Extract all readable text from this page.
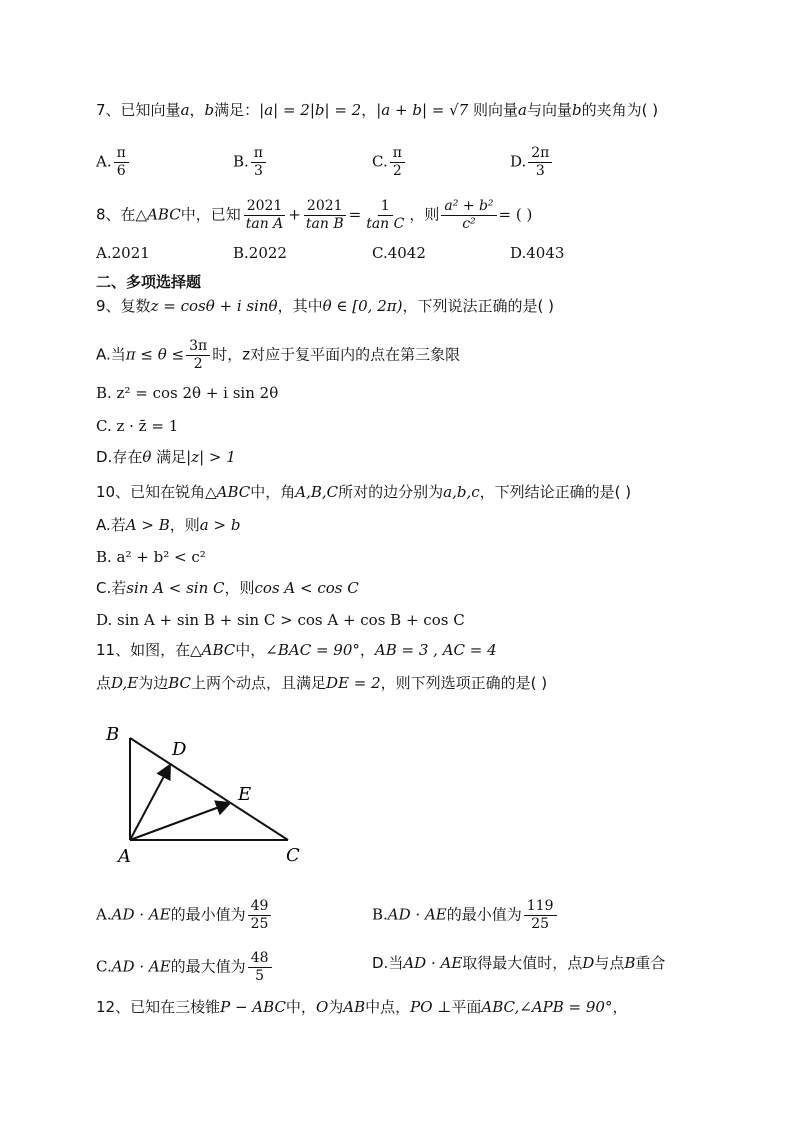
7、已知向量a，b满足：|a| = 2|b| = 2，|a + b| = √7 则向量a与向量b的夹角为( )
A. $\frac{\pi}{6}$	B. $\frac{\pi}{3}$	C. $\frac{\pi}{2}$	D. $\frac{2\pi}{3}$
8、在△ABC中，已知 $\frac{2021}{\text{tan A}} + \frac{2021}{\text{tan B}} = \frac{1}{\text{tan C}}$ ，则 $\frac{\text{a² + b²}}{\text{c²}}$ = ( )
A.2021	B.2022	C.4042	D.4043
二、多项选择题
9、复数z = cosθ + i sinθ，其中θ ∈ [0, 2π)，下列说法正确的是( )
A.当$\pi \le \theta \le \frac{3\pi}{2}$ 时，z对应于复平面内的点在第三象限
B. z² = cos 2θ + i sin 2θ
C. z · z̄ = 1
D.存在θ 满足|z| > 1
10、已知在锐角△ABC中，角A,B,C所对的边分别为a,b,c，下列结论正确的是( )
A.若A > B，则a > b
B. a² + b² < c²
C.若sin A < sin C，则cos A < cos C
D. sin A + sin B + sin C > cos A + cos B + cos C
11、如图，在△ABC中，∠BAC = 90°，AB = 3 , AC = 4
点D,E为边BC上两个动点，且满足DE = 2，则下列选项正确的是( )
B
D
E
A	C
A.AD · AE的最小值为 $\frac{49}{25}$	B.AD · AE的最小值为 $\frac{119}{25}$
C.AD · AE的最大值为 $\frac{48}{5}$	D.当AD · AE取得最大值时，点D与点B重合
12、已知在三棱锥P − ABC中，O为AB中点，PO ⊥平面ABC,∠APB = 90°，
